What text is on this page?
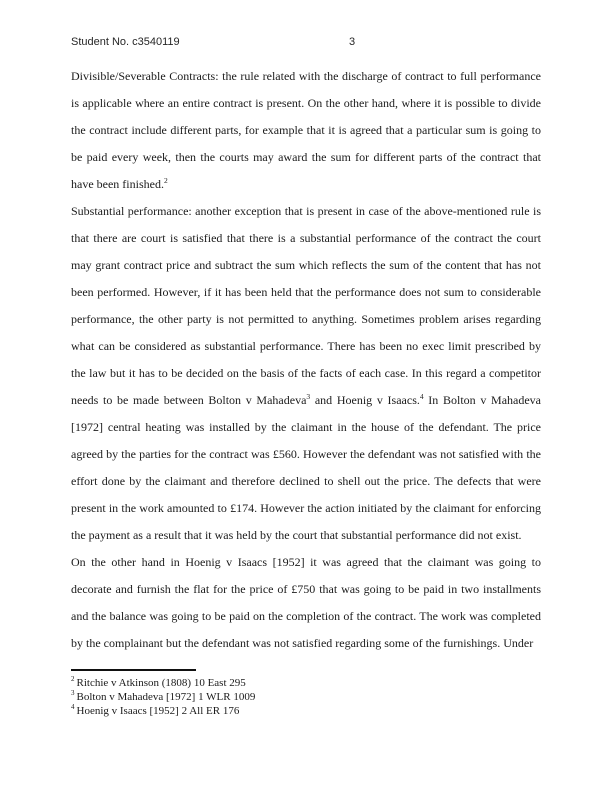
Student No. c3540119	3

Divisible/Severable Contracts: the rule related with the discharge of contract to full performance is applicable where an entire contract is present. On the other hand, where it is possible to divide the contract include different parts, for example that it is agreed that a particular sum is going to be paid every week, then the courts may award the sum for different parts of the contract that have been finished.$^2$

Substantial performance: another exception that is present in case of the above-mentioned rule is that there are court is satisfied that there is a substantial performance of the contract the court may grant contract price and subtract the sum which reflects the sum of the content that has not been performed. However, if it has been held that the performance does not sum to considerable performance, the other party is not permitted to anything. Sometimes problem arises regarding what can be considered as substantial performance. There has been no exec limit prescribed by the law but it has to be decided on the basis of the facts of each case. In this regard a competitor needs to be made between Bolton v Mahadeva$^3$ and Hoenig v Isaacs.$^4$ In Bolton v Mahadeva [1972] central heating was installed by the claimant in the house of the defendant. The price agreed by the parties for the contract was £560. However the defendant was not satisfied with the effort done by the claimant and therefore declined to shell out the price. The defects that were present in the work amounted to £174. However the action initiated by the claimant for enforcing the payment as a result that it was held by the court that substantial performance did not exist.

On the other hand in Hoenig v Isaacs [1952] it was agreed that the claimant was going to decorate and furnish the flat for the price of £750 that was going to be paid in two installments and the balance was going to be paid on the completion of the contract. The work was completed by the complainant but the defendant was not satisfied regarding some of the furnishings. Under

$^2$ Ritchie v Atkinson (1808) 10 East 295
$^3$ Bolton v Mahadeva [1972] 1 WLR 1009
$^4$ Hoenig v Isaacs [1952] 2 All ER 176
